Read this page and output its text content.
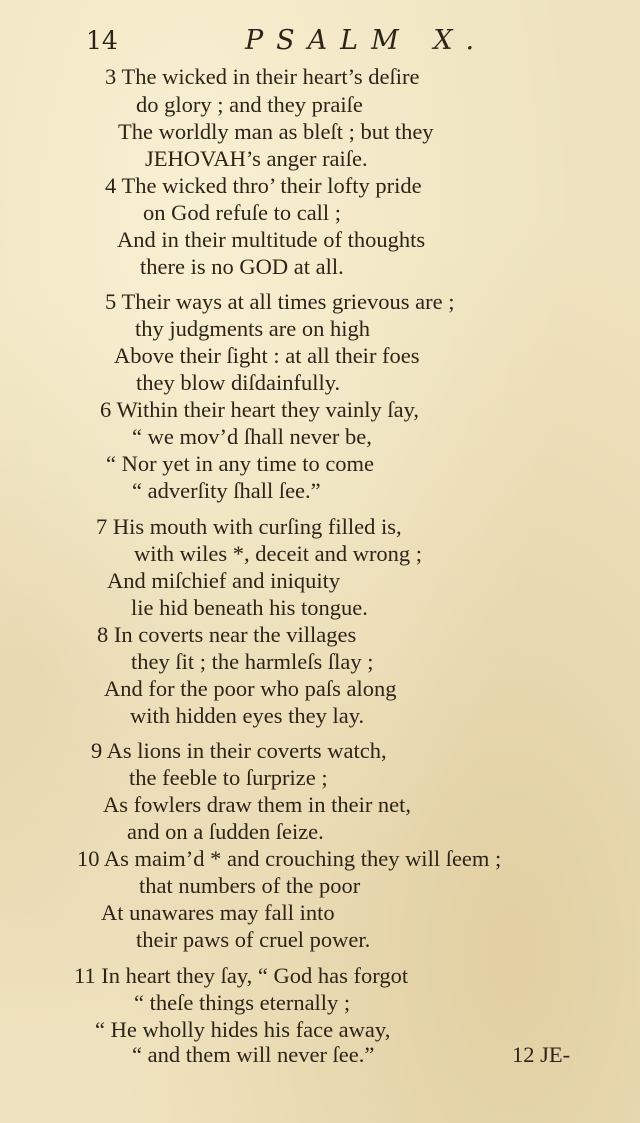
14	PSALM X.
3 The wicked in their heart’s deſire
do glory ; and they praiſe
The worldly man as bleſt ; but they
JEHOVAH’s anger raiſe.
4 The wicked thro’ their lofty pride
on God refuſe to call ;
And in their multitude of thoughts
there is no GOD at all.
5 Their ways at all times grievous are ;
thy judgments are on high
Above their ſight : at all their foes
they blow diſdainfully.
6 Within their heart they vainly ſay,
“ we mov’d ſhall never be,
“ Nor yet in any time to come
“ adverſity ſhall ſee.”
7 His mouth with curſing filled is,
with wiles *, deceit and wrong ;
And miſchief and iniquity
lie hid beneath his tongue.
8 In coverts near the villages
they ſit ; the harmleſs ſlay ;
And for the poor who paſs along
with hidden eyes they lay.
9 As lions in their coverts watch,
the feeble to ſurprize ;
As fowlers draw them in their net,
and on a ſudden ſeize.
10 As maim’d * and crouching they will ſeem ;
that numbers of the poor
At unawares may fall into
their paws of cruel power.
11 In heart they ſay, “ God has forgot
“ theſe things eternally ;
“ He wholly hides his face away,
“ and them will never ſee.”	12 JE-
